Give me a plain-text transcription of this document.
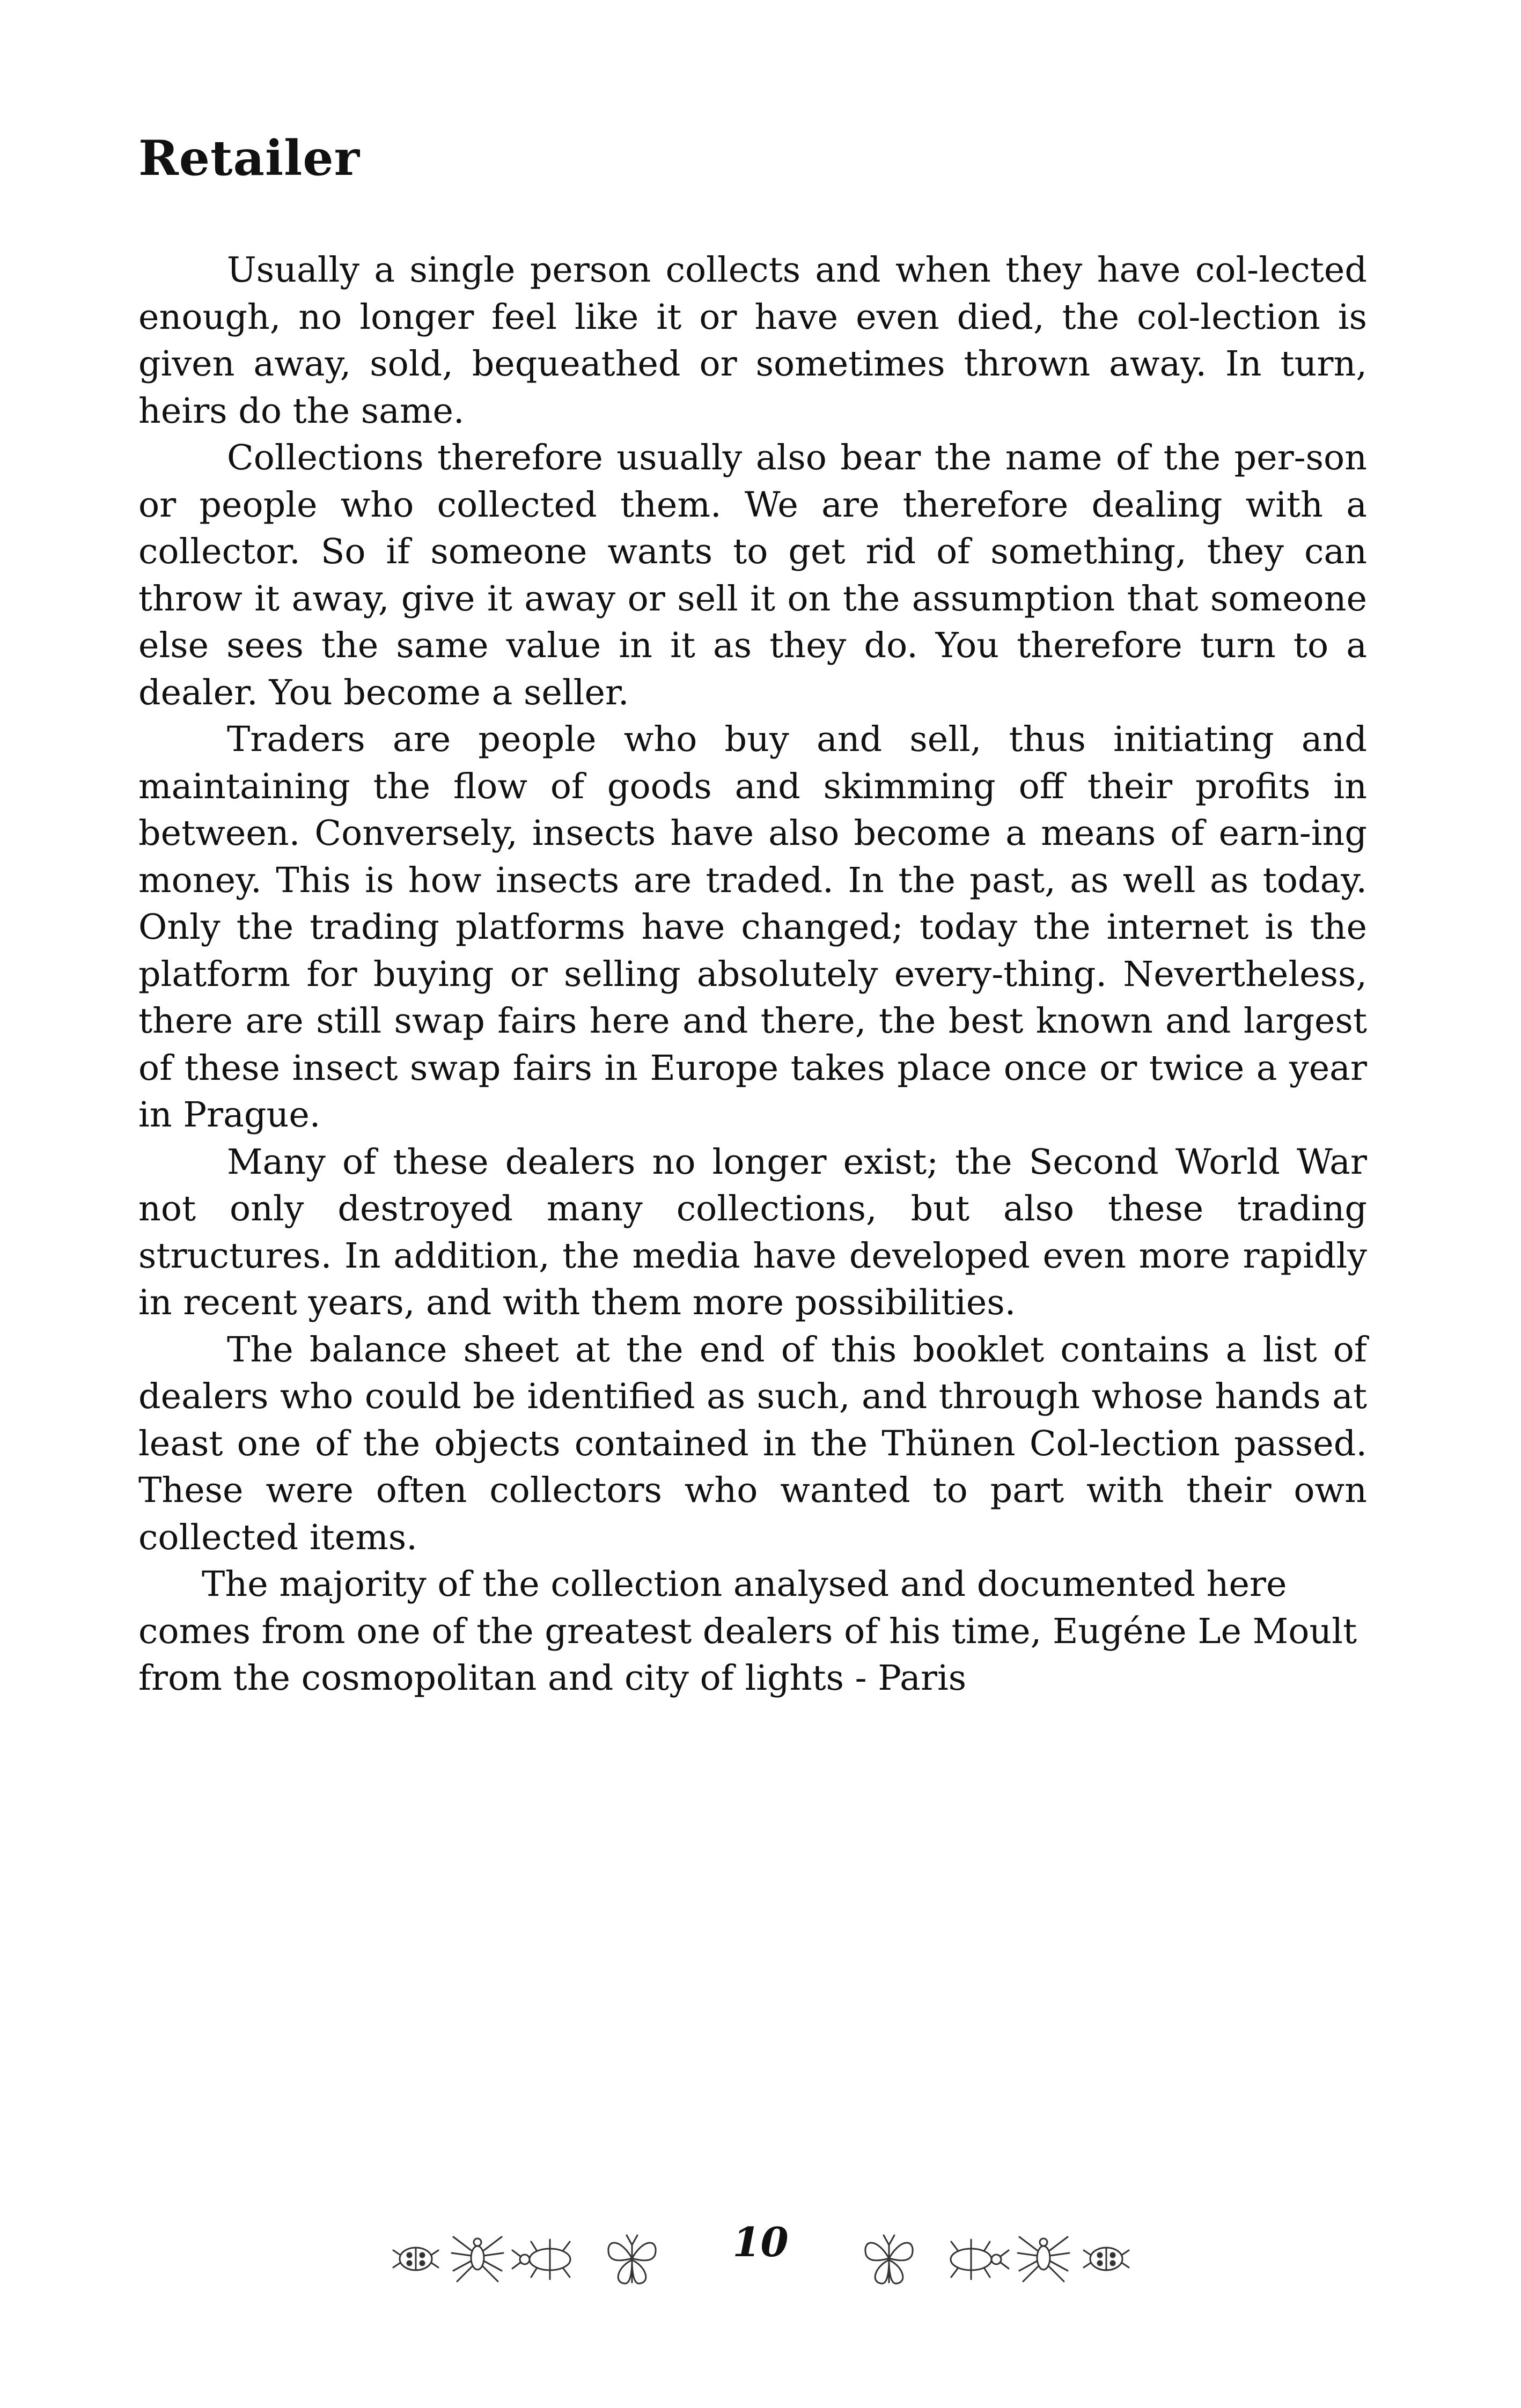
Retailer

Usually a single person collects and when they have col-lected enough, no longer feel like it or have even died, the col-lection is given away, sold, bequeathed or sometimes thrown away. In turn, heirs do the same.

Collections therefore usually also bear the name of the per-son or people who collected them. We are therefore dealing with a collector. So if someone wants to get rid of something, they can throw it away, give it away or sell it on the assumption that someone else sees the same value in it as they do. You therefore turn to a dealer. You become a seller.

Traders are people who buy and sell, thus initiating and maintaining the flow of goods and skimming off their profits in between. Conversely, insects have also become a means of earn-ing money. This is how insects are traded. In the past, as well as today. Only the trading platforms have changed; today the internet is the platform for buying or selling absolutely every-thing. Nevertheless, there are still swap fairs here and there, the best known and largest of these insect swap fairs in Europe takes place once or twice a year in Prague.

Many of these dealers no longer exist; the Second World War not only destroyed many collections, but also these trading structures. In addition, the media have developed even more rapidly in recent years, and with them more possibilities.

The balance sheet at the end of this booklet contains a list of dealers who could be identified as such, and through whose hands at least one of the objects contained in the Thünen Col-lection passed. These were often collectors who wanted to part with their own collected items.

The majority of the collection analysed and documented here comes from one of the greatest dealers of his time, Eugéne Le Moult from the cosmopolitan and city of lights - Paris

10
